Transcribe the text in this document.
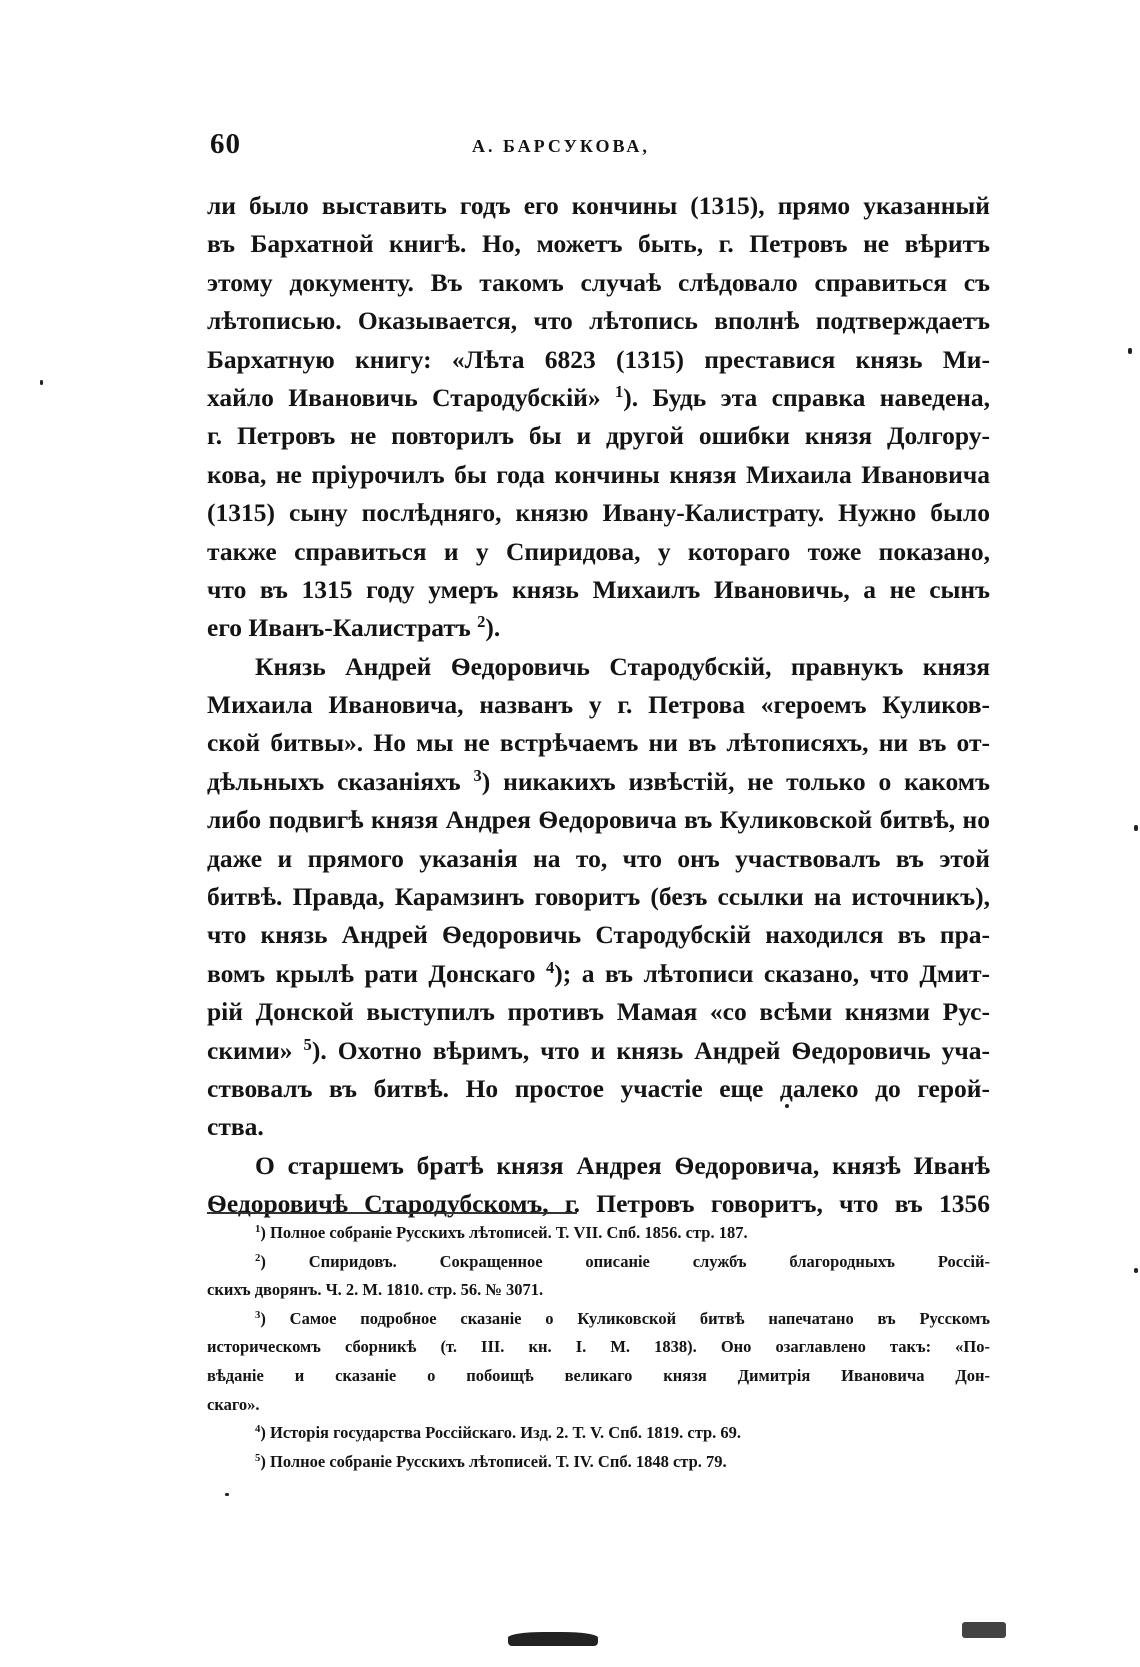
60	А. БАРСУКОВА,
ли было выставить годъ его кончины (1315), прямо указанный
въ Бархатной книгѣ. Но, можетъ быть, г. Петровъ не вѣритъ
этому документу. Въ такомъ случаѣ слѣдовало справиться съ
лѣтописью. Оказывается, что лѣтопись вполнѣ подтверждаетъ
Бархатную книгу: «Лѣта 6823 (1315) преставися князь Ми-
хайло Ивановичь Стародубскій» $^1$). Будь эта справка наведена,
г. Петровъ не повторилъ бы и другой ошибки князя Долгору-
кова, не пріурочилъ бы года кончины князя Михаила Ивановича
(1315) сыну послѣдняго, князю Ивану-Калистрату. Нужно было
также справиться и у Спиридова, у котораго тоже показано,
что въ 1315 году умеръ князь Михаилъ Ивановичь, а не сынъ
его Иванъ-Калистратъ $^2$).
Князь Андрей Ѳедоровичь Стародубскій, правнукъ князя
Михаила Ивановича, названъ у г. Петрова «героемъ Куликов-
ской битвы». Но мы не встрѣчаемъ ни въ лѣтописяхъ, ни въ от-
дѣльныхъ сказаніяхъ $^3$) никакихъ извѣстій, не только о какомъ
либо подвигѣ князя Андрея Ѳедоровича въ Куликовской битвѣ, но
даже и прямого указанія на то, что онъ участвовалъ въ этой
битвѣ. Правда, Карамзинъ говоритъ (безъ ссылки на источникъ),
что князь Андрей Ѳедоровичь Стародубскій находился въ пра-
вомъ крылѣ рати Донскаго $^4$); а въ лѣтописи сказано, что Дмит-
рій Донской выступилъ противъ Мамая «со всѣми князми Рус-
скими» $^5$). Охотно вѣримъ, что и князь Андрей Ѳедоровичь уча-
ствовалъ въ битвѣ. Но простое участіе еще далеко до герой-
ства.
О старшемъ братѣ князя Андрея Ѳедоровича, князѣ Иванѣ
Ѳедоровичѣ Стародубскомъ, г. Петровъ говоритъ, что въ 1356
$^1$) Полное собраніе Русскихъ лѣтописей. Т. VII. Спб. 1856. стр. 187.
$^2$) Спиридовъ. Сокращенное описаніе службъ благородныхъ Россій-
скихъ дворянъ. Ч. 2. М. 1810. стр. 56. № 3071.
$^3$) Самое подробное сказаніе о Куликовской битвѣ напечатано въ Русскомъ
историческомъ сборникѣ (т. III. кн. I. М. 1838). Оно озаглавлено такъ: «По-
вѣданіе и сказаніе о побоищѣ великаго князя Димитрія Ивановича Дон-
скаго».
$^4$) Исторія государства Россійскаго. Изд. 2. Т. V. Спб. 1819. стр. 69.
$^5$) Полное собраніе Русскихъ лѣтописей. Т. IV. Спб. 1848 стр. 79.
